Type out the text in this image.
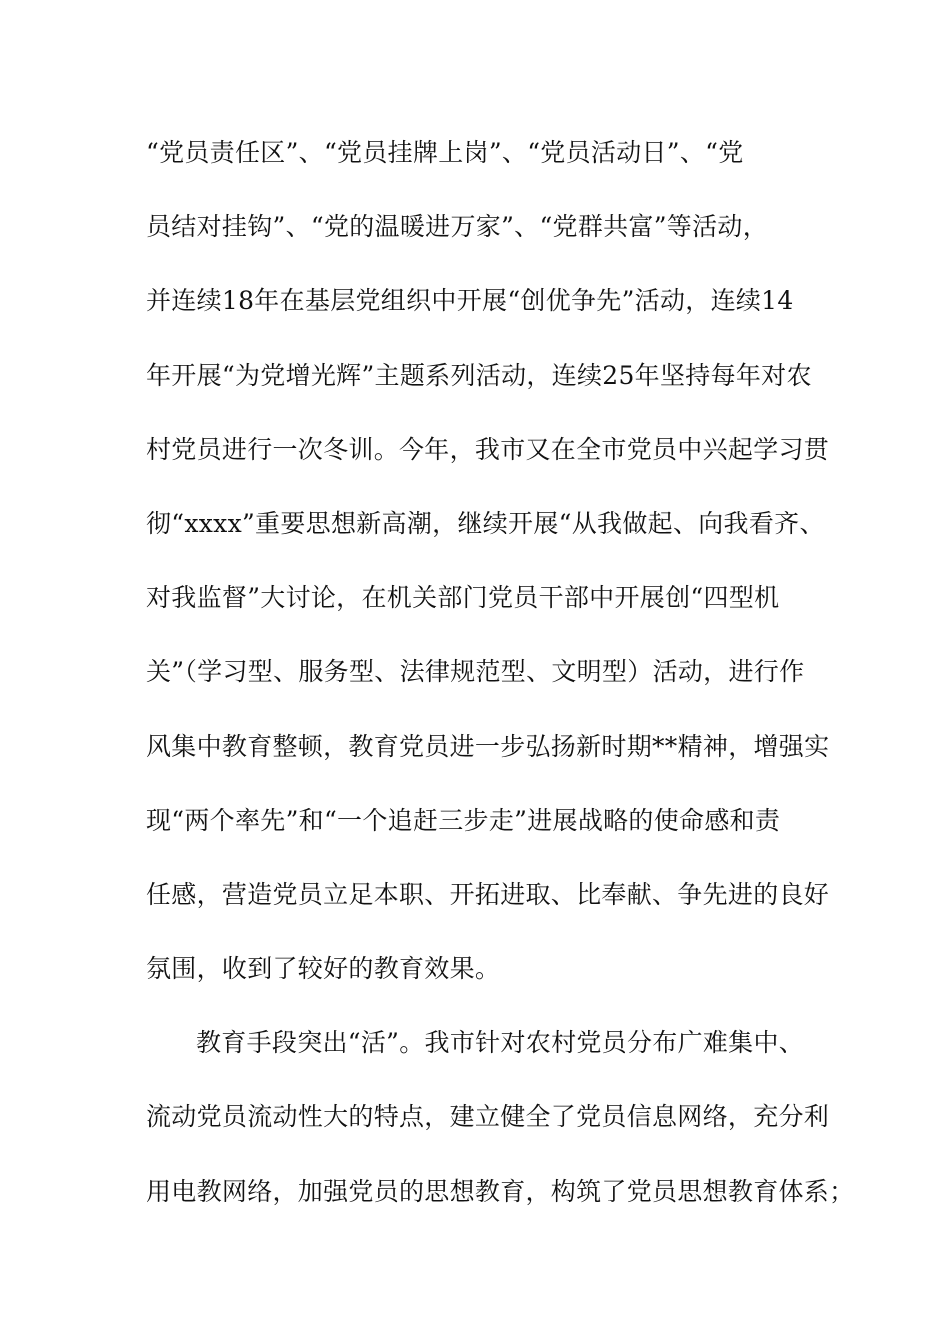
“党员责任区”、“党员挂牌上岗”、“党员活动日”、“党
员结对挂钩”、“党的温暖进万家”、“党群共富”等活动，
并连续18年在基层党组织中开展“创优争先”活动，连续14
年开展“为党增光辉”主题系列活动，连续25年坚持每年对农
村党员进行一次冬训。今年，我市又在全市党员中兴起学习贯
彻“xxxx”重要思想新高潮，继续开展“从我做起、向我看齐、
对我监督”大讨论，在机关部门党员干部中开展创“四型机
关”（学习型、服务型、法律规范型、文明型）活动，进行作
风集中教育整顿，教育党员进一步弘扬新时期**精神，增强实
现“两个率先”和“一个追赶三步走”进展战略的使命感和责
任感，营造党员立足本职、开拓进取、比奉献、争先进的良好
氛围，收到了较好的教育效果。
教育手段突出“活”。我市针对农村党员分布广难集中、
流动党员流动性大的特点，建立健全了党员信息网络，充分利
用电教网络，加强党员的思想教育，构筑了党员思想教育体系；
